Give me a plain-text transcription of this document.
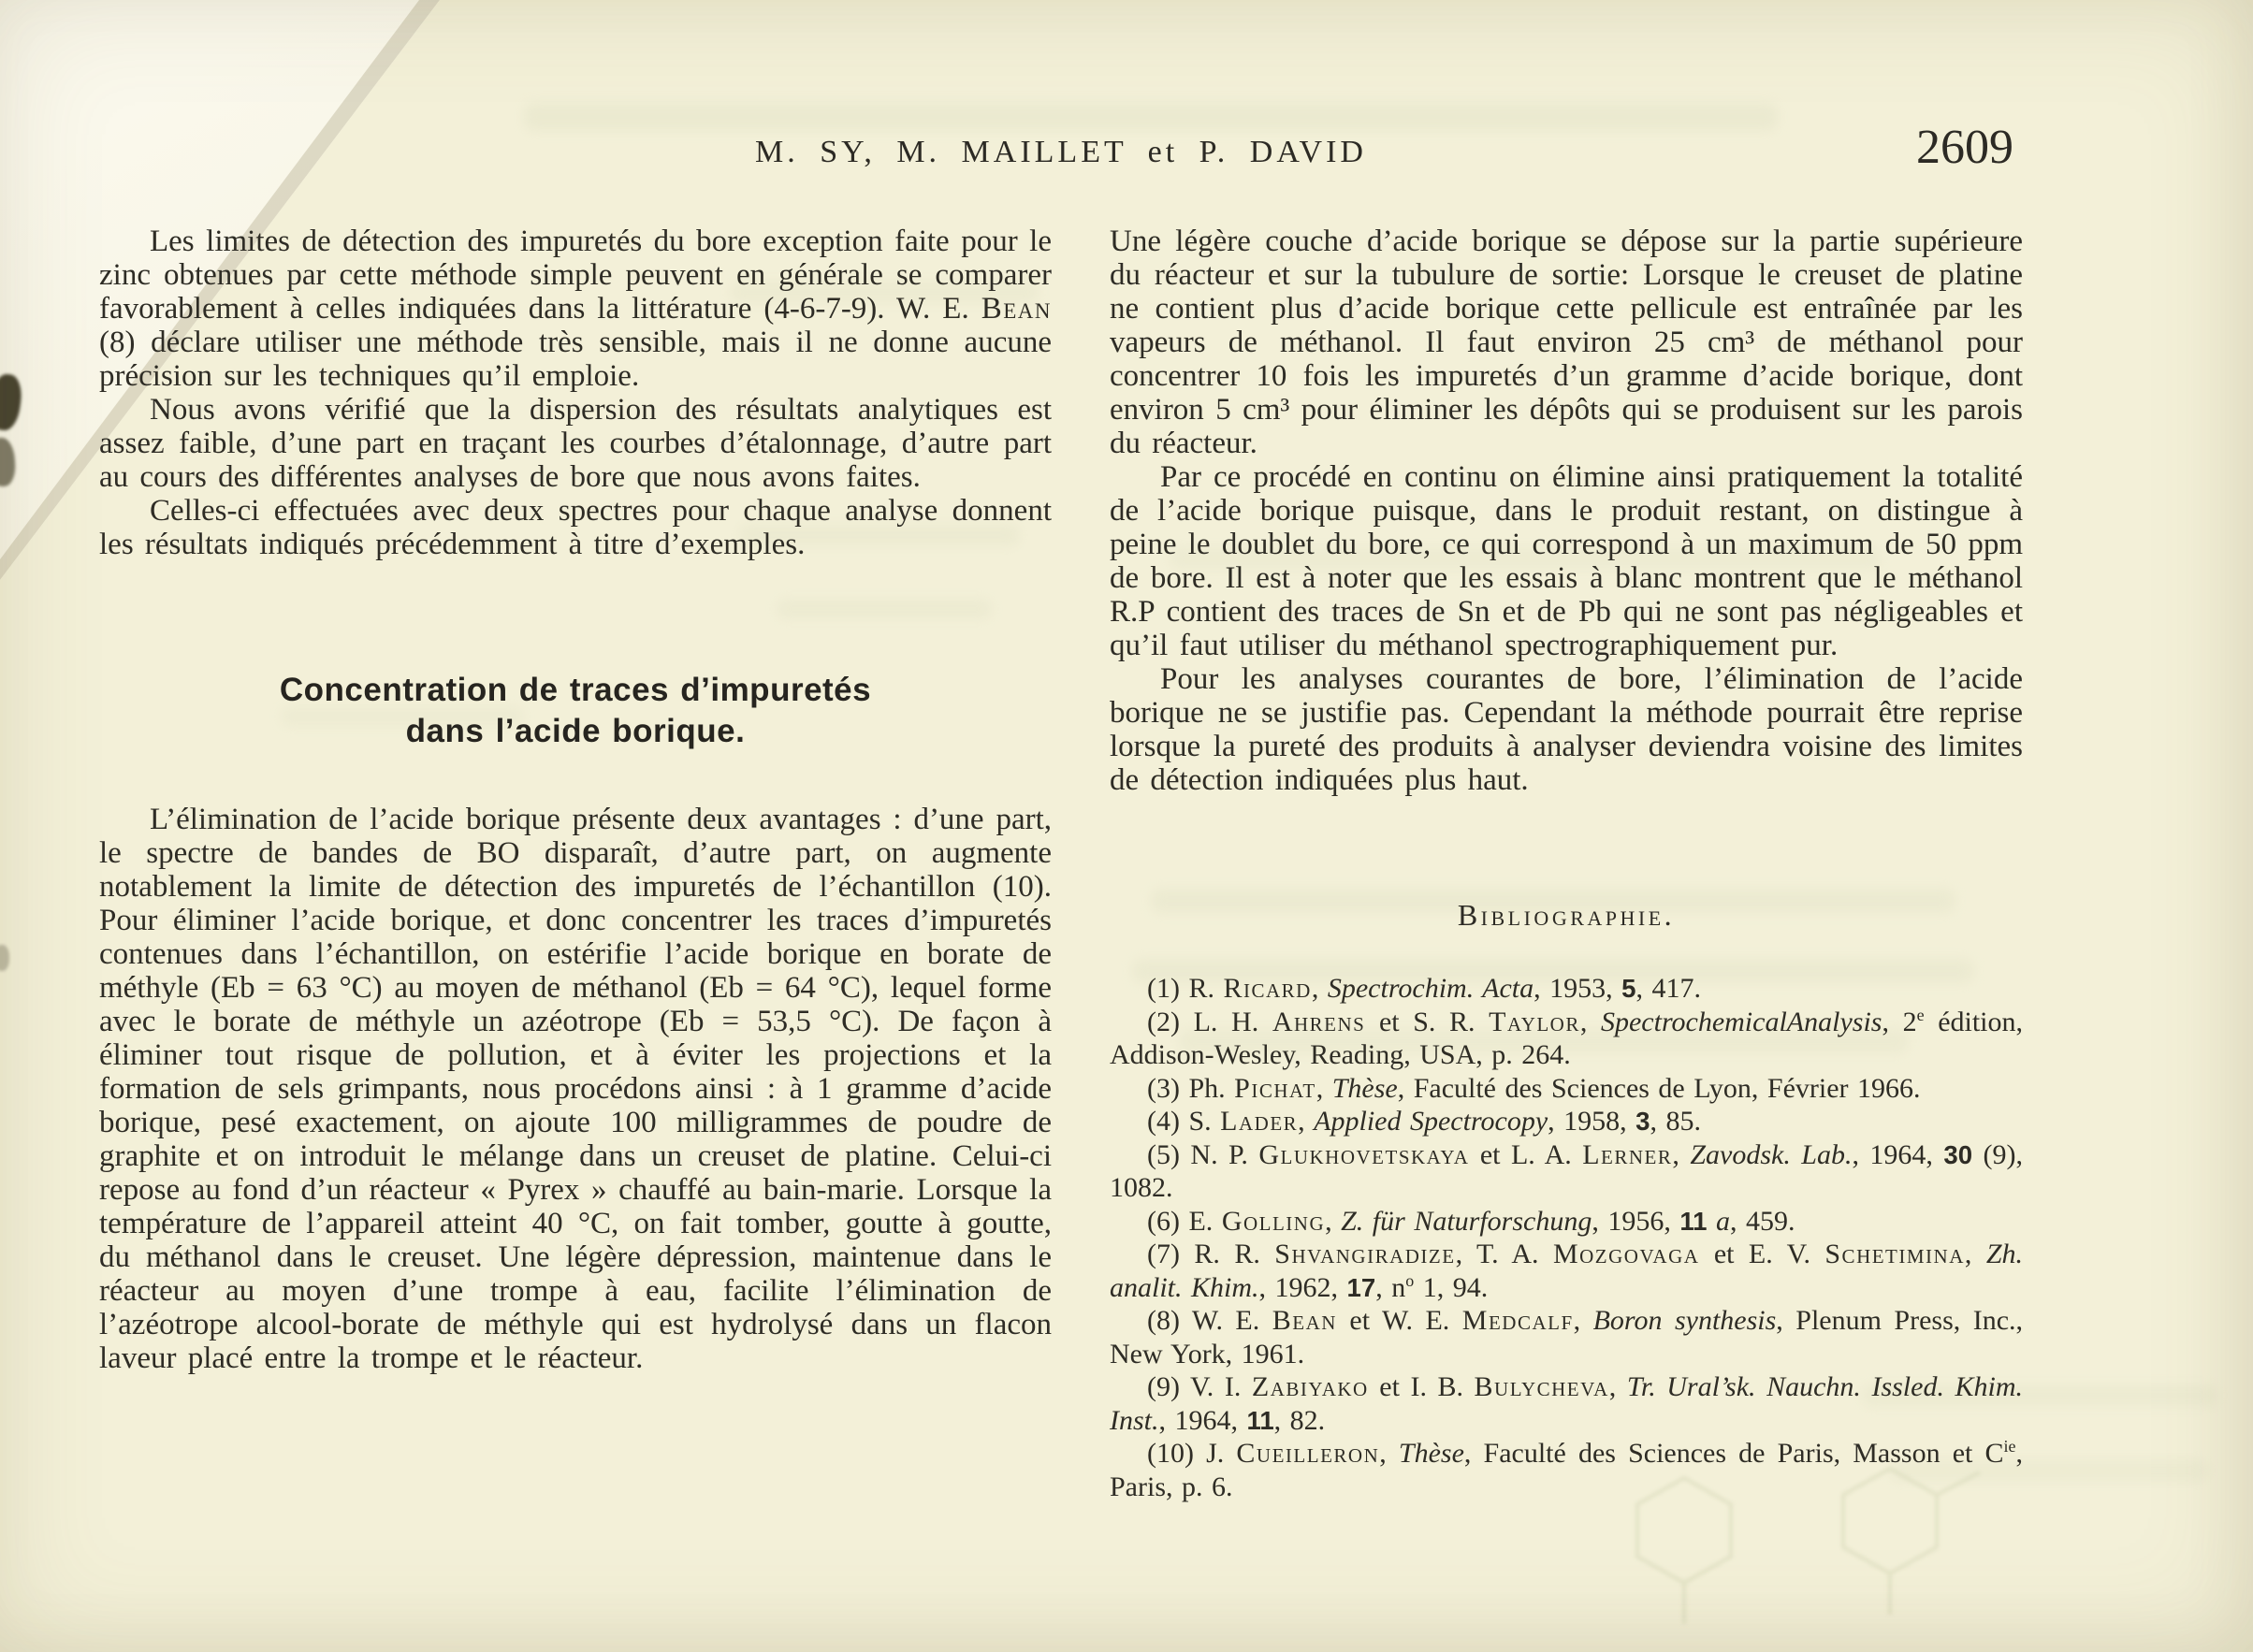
M. SY, M. MAILLET et P. DAVID	2609

Les limites de détection des impuretés du bore exception faite pour le zinc obtenues par cette méthode simple peuvent en générale se comparer favorablement à celles indiquées dans la littérature (4-6-7-9). W. E. Bean (8) déclare utiliser une méthode très sensible, mais il ne donne aucune précision sur les techniques qu’il emploie.

Nous avons vérifié que la dispersion des résultats analytiques est assez faible, d’une part en traçant les courbes d’étalonnage, d’autre part au cours des différentes analyses de bore que nous avons faites.

Celles-ci effectuées avec deux spectres pour chaque analyse donnent les résultats indiqués précédemment à titre d’exemples.

Concentration de traces d’impuretés
dans l’acide borique.

L’élimination de l’acide borique présente deux avantages : d’une part, le spectre de bandes de BO disparaît, d’autre part, on augmente notablement la limite de détection des impuretés de l’échantillon (10). Pour éliminer l’acide borique, et donc concentrer les traces d’impuretés contenues dans l’échantillon, on estérifie l’acide borique en borate de méthyle (Eb = 63 °C) au moyen de méthanol (Eb = 64 °C), lequel forme avec le borate de méthyle un azéotrope (Eb = 53,5 °C). De façon à éliminer tout risque de pollution, et à éviter les projections et la formation de sels grimpants, nous procédons ainsi : à 1 gramme d’acide borique, pesé exactement, on ajoute 100 milligrammes de poudre de graphite et on introduit le mélange dans un creuset de platine. Celui-ci repose au fond d’un réacteur « Pyrex » chauffé au bain-marie. Lorsque la température de l’appareil atteint 40 °C, on fait tomber, goutte à goutte, du méthanol dans le creuset. Une légère dépression, maintenue dans le réacteur au moyen d’une trompe à eau, facilite l’élimination de l’azéotrope alcool-borate de méthyle qui est hydrolysé dans un flacon laveur placé entre la trompe et le réacteur.

Une légère couche d’acide borique se dépose sur la partie supérieure du réacteur et sur la tubulure de sortie: Lorsque le creuset de platine ne contient plus d’acide borique cette pellicule est entraînée par les vapeurs de méthanol. Il faut environ 25 cm³ de méthanol pour concentrer 10 fois les impuretés d’un gramme d’acide borique, dont environ 5 cm³ pour éliminer les dépôts qui se produisent sur les parois du réacteur.

Par ce procédé en continu on élimine ainsi pratiquement la totalité de l’acide borique puisque, dans le produit restant, on distingue à peine le doublet du bore, ce qui correspond à un maximum de 50 ppm de bore. Il est à noter que les essais à blanc montrent que le méthanol R.P contient des traces de Sn et de Pb qui ne sont pas négligeables et qu’il faut utiliser du méthanol spectrographiquement pur.

Pour les analyses courantes de bore, l’élimination de l’acide borique ne se justifie pas. Cependant la méthode pourrait être reprise lorsque la pureté des produits à analyser deviendra voisine des limites de détection indiquées plus haut.

Bibliographie.
(1) R. Ricard, Spectrochim. Acta, 1953, 5, 417.
(2) L. H. Ahrens et S. R. Taylor, SpectrochemicalAnalysis, 2e édition, Addison-Wesley, Reading, USA, p. 264.
(3) Ph. Pichat, Thèse, Faculté des Sciences de Lyon, Février 1966.
(4) S. Lader, Applied Spectrocopy, 1958, 3, 85.
(5) N. P. Glukhovetskaya et L. A. Lerner, Zavodsk. Lab., 1964, 30 (9), 1082.
(6) E. Golling, Z. für Naturforschung, 1956, 11 a, 459.
(7) R. R. Shvangiradize, T. A. Mozgovaga et E. V. Schetimina, Zh. analit. Khim., 1962, 17, $n^o$ 1, 94.
(8) W. E. Bean et W. E. Medcalf, Boron synthesis, Plenum Press, Inc., New York, 1961.
(9) V. I. Zabiyako et I. B. Bulycheva, Tr. Ural’sk. Nauchn. Issled. Khim. Inst., 1964, 11, 82.
(10) J. Cueilleron, Thèse, Faculté des Sciences de Paris, Masson et $C^{ie}$, Paris, p. 6.
